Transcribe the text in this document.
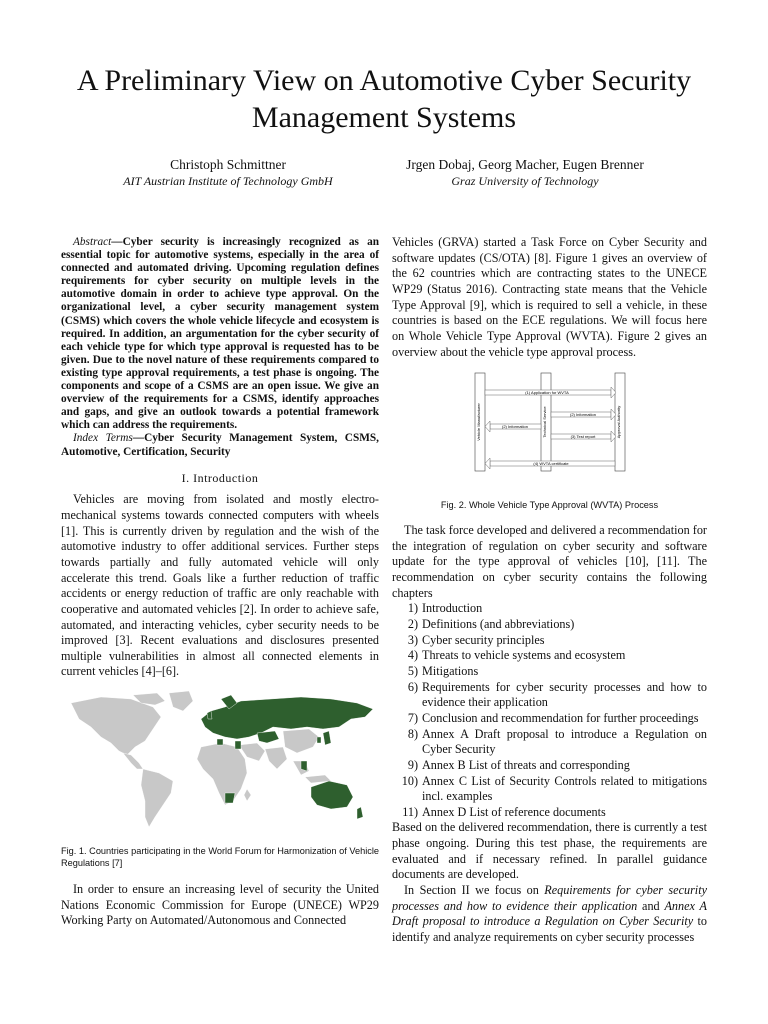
A Preliminary View on Automotive Cyber Security Management Systems
Christoph Schmittner
AIT Austrian Institute of Technology GmbH
Jrgen Dobaj, Georg Macher, Eugen Brenner
Graz University of Technology
Abstract—Cyber security is increasingly recognized as an essential topic for automotive systems, especially in the area of connected and automated driving. Upcoming regulation defines requirements for cyber security on multiple levels in the automotive domain in order to achieve type approval. On the organizational level, a cyber security management system (CSMS) which covers the whole vehicle lifecycle and ecosystem is required. In addition, an argumentation for the cyber security of each vehicle type for which type approval is requested has to be given. Due to the novel nature of these requirements compared to existing type approval requirements, a test phase is ongoing. The components and scope of a CSMS are an open issue. We give an overview of the requirements for a CSMS, identify approaches and gaps, and give an outlook towards a potential framework which can address the requirements.
Index Terms—Cyber Security Management System, CSMS, Automotive, Certification, Security
I. Introduction

Vehicles are moving from isolated and mostly electro-mechanical systems towards connected computers with wheels [1]. This is currently driven by regulation and the wish of the automotive industry to offer additional services. Further steps towards partially and fully automated vehicle will only accelerate this trend. Goals like a further reduction of traffic accidents or energy reduction of traffic are only reachable with cooperative and automated vehicles [2]. In order to achieve safe, automated, and interacting vehicles, cyber security needs to be improved [3]. Recent evaluations and disclosures presented multiple vulnerabilities in almost all connected elements in current vehicles [4]–[6].

Fig. 1. Countries participating in the World Forum for Harmonization of Vehicle Regulations [7]

In order to ensure an increasing level of security the United Nations Economic Commission for Europe (UNECE) WP29 Working Party on Automated/Autonomous and Connected

Vehicles (GRVA) started a Task Force on Cyber Security and software updates (CS/OTA) [8]. Figure 1 gives an overview of the 62 countries which are contracting states to the UNECE WP29 (Status 2016). Contracting state means that the Vehicle Type Approval [9], which is required to sell a vehicle, in these countries is based on the ECE regulations. We will focus here on Whole Vehicle Type Approval (WVTA). Figure 2 gives an overview about the vehicle type approval process.

Vehicle Manufacturer	Technical Service	Approval Authority
(1) Application for WVTA
(2) Information
(2) Information
(3) Test report
(4) WVTA certificate
Fig. 2. Whole Vehicle Type Approval (WVTA) Process

The task force developed and delivered a recommendation for the integration of regulation on cyber security and software update for the type approval of vehicles [10], [11]. The recommendation on cyber security contains the following chapters

1) Introduction
2) Definitions (and abbreviations)
3) Cyber security principles
4) Threats to vehicle systems and ecosystem
5) Mitigations
6) Requirements for cyber security processes and how to evidence their application
7) Conclusion and recommendation for further proceedings
8) Annex A Draft proposal to introduce a Regulation on Cyber Security
9) Annex B List of threats and corresponding
10) Annex C List of Security Controls related to mitigations incl. examples
11) Annex D List of reference documents

Based on the delivered recommendation, there is currently a test phase ongoing. During this test phase, the requirements are evaluated and if necessary refined. In parallel guidance documents are developed.

In Section II we focus on Requirements for cyber security processes and how to evidence their application and Annex A Draft proposal to introduce a Regulation on Cyber Security to identify and analyze requirements on cyber security processes
